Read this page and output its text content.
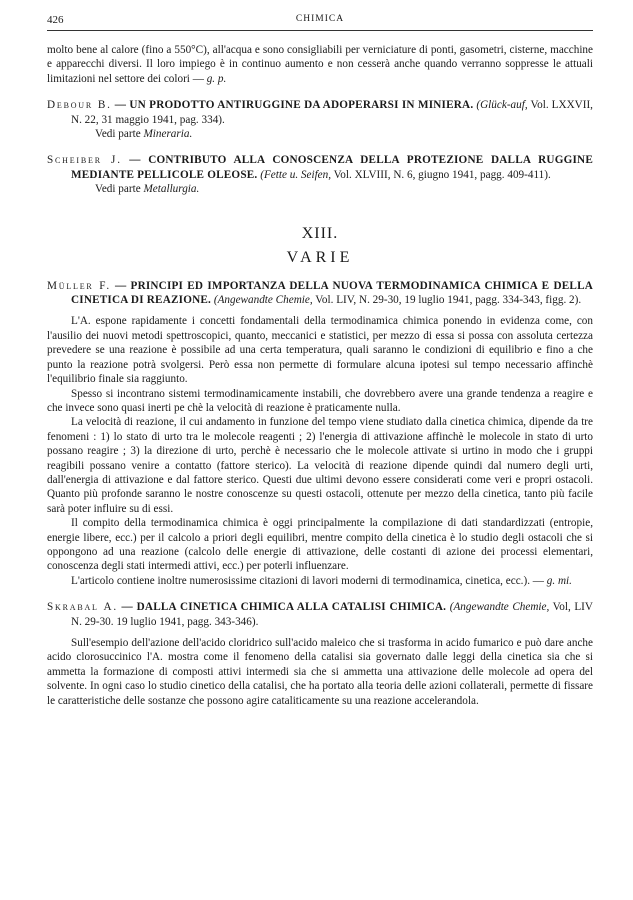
426	CHIMICA

molto bene al calore (fino a 550°C), all'acqua e sono consigliabili per verniciature di ponti, gasometri, cisterne, macchine e apparecchi diversi. Il loro impiego è in continuo aumento e non cesserà anche quando verranno soppresse le attuali limitazioni nel settore dei colori — g. p.

Debour B. — UN PRODOTTO ANTIRUGGINE DA ADOPERARSI IN MINIERA. (Glück-auf, Vol. LXXVII, N. 22, 31 maggio 1941, pag. 334).

Vedi parte Mineraria.

Scheiber J. — CONTRIBUTO ALLA CONOSCENZA DELLA PROTEZIONE DALLA RUGGINE MEDIANTE PELLICOLE OLEOSE. (Fette u. Seifen, Vol. XLVIII, N. 6, giugno 1941, pagg. 409-411).

Vedi parte Metallurgia.

XIII.

VARIE

Müller F. — PRINCIPI ED IMPORTANZA DELLA NUOVA TERMODINAMICA CHIMICA E DELLA CINETICA DI REAZIONE. (Angewandte Chemie, Vol. LIV, N. 29-30, 19 luglio 1941, pagg. 334-343, figg. 2).

L'A. espone rapidamente i concetti fondamentali della termodinamica chimica ponendo in evidenza come, con l'ausilio dei nuovi metodi spettroscopici, quanto, meccanici e statistici, per mezzo di essa si possa con assoluta certezza prevedere se una reazione è possibile ad una certa temperatura, quali saranno le condizioni di equilibrio e fino a che punto la reazione potrà svolgersi. Però essa non permette di formulare alcuna ipotesi sul tempo necessario affinchè l'equilibrio finale sia raggiunto.

Spesso si incontrano sistemi termodinamicamente instabili, che dovrebbero avere una grande tendenza a reagire e che invece sono quasi inerti pe chè la velocità di reazione è praticamente nulla.

La velocità di reazione, il cui andamento in funzione del tempo viene studiato dalla cinetica chimica, dipende da tre fenomeni : 1) lo stato di urto tra le molecole reagenti ; 2) l'energia di attivazione affinchè le molecole in stato di urto possano reagire ; 3) la direzione di urto, perchè è necessario che le molecole attivate si urtino in modo che i gruppi reagibili possano venire a contatto (fattore sterico). La velocità di reazione dipende quindi dal numero degli urti, dall'energia di attivazione e dal fattore sterico. Questi due ultimi devono essere considerati come veri e propri ostacoli. Quanto più profonde saranno le nostre conoscenze su questi ostacoli, ottenute per mezzo della cinetica, tanto più facile sarà poter influire su di essi.

Il compito della termodinamica chimica è oggi principalmente la compilazione di dati standardizzati (entropie, energie libere, ecc.) per il calcolo a priori degli equilibri, mentre compito della cinetica è lo studio degli ostacoli che si oppongono ad una reazione (calcolo delle energie di attivazione, delle costanti di azione dei processi elementari, conoscenza degli stati intermedi attivi, ecc.) per poterli influenzare.

L'articolo contiene inoltre numerosissime citazioni di lavori moderni di termodinamica, cinetica, ecc.). — g. mi.

Skrabal A. — DALLA CINETICA CHIMICA ALLA CATALISI CHIMICA. (Angewandte Chemie, Vol, LIV N. 29-30. 19 luglio 1941, pagg. 343-346).

Sull'esempio dell'azione dell'acido cloridrico sull'acido maleico che si trasforma in acido fumarico e può dare anche acido clorosuccinico l'A. mostra come il fenomeno della catalisi sia governato dalle leggi della cinetica sia che si ammetta la formazione di composti attivi intermedi sia che si ammetta una attivazione delle molecole ad opera del solvente. In ogni caso lo studio cinetico della catalisi, che ha portato alla teoria delle azioni collaterali, permette di fissare le caratteristiche delle sostanze che possono agire cataliticamente su una reazione accelerandola.
